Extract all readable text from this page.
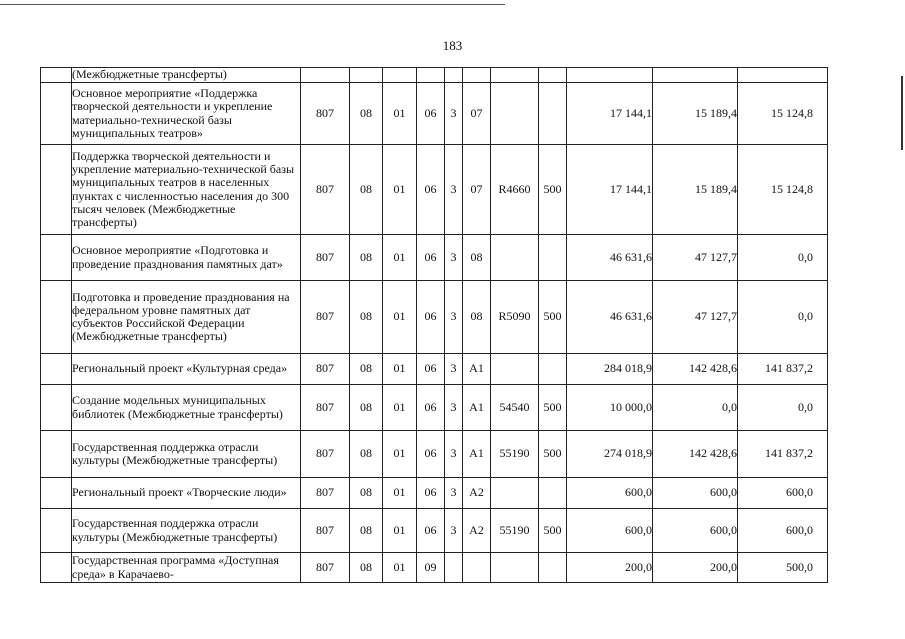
183
	(Межбюджетные трансферты)											
	Основное мероприятие «Поддержка творческой деятельности и укрепление материально-технической базы муниципальных театров»	807	08	01	06	3	07			17 144,1	15 189,4	15 124,8
	Поддержка творческой деятельности и укрепление материально-технической базы муниципальных театров в населенных пунктах с численностью населения до 300 тысяч человек (Межбюджетные трансферты)	807	08	01	06	3	07	R4660	500	17 144,1	15 189,4	15 124,8
	Основное мероприятие «Подготовка и проведение празднования памятных дат»	807	08	01	06	3	08			46 631,6	47 127,7	0,0
	Подготовка и проведение празднования на федеральном уровне памятных дат субъектов Российской Федерации (Межбюджетные трансферты)	807	08	01	06	3	08	R5090	500	46 631,6	47 127,7	0,0
	Региональный проект «Культурная среда»	807	08	01	06	3	A1			284 018,9	142 428,6	141 837,2
	Создание модельных муниципальных библиотек (Межбюджетные трансферты)	807	08	01	06	3	A1	54540	500	10 000,0	0,0	0,0
	Государственная поддержка отрасли культуры (Межбюджетные трансферты)	807	08	01	06	3	A1	55190	500	274 018,9	142 428,6	141 837,2
	Региональный проект «Творческие люди»	807	08	01	06	3	A2			600,0	600,0	600,0
	Государственная поддержка отрасли культуры (Межбюджетные трансферты)	807	08	01	06	3	A2	55190	500	600,0	600,0	600,0
	Государственная программа «Доступная среда» в Карачаево-	807	08	01	09					200,0	200,0	500,0
